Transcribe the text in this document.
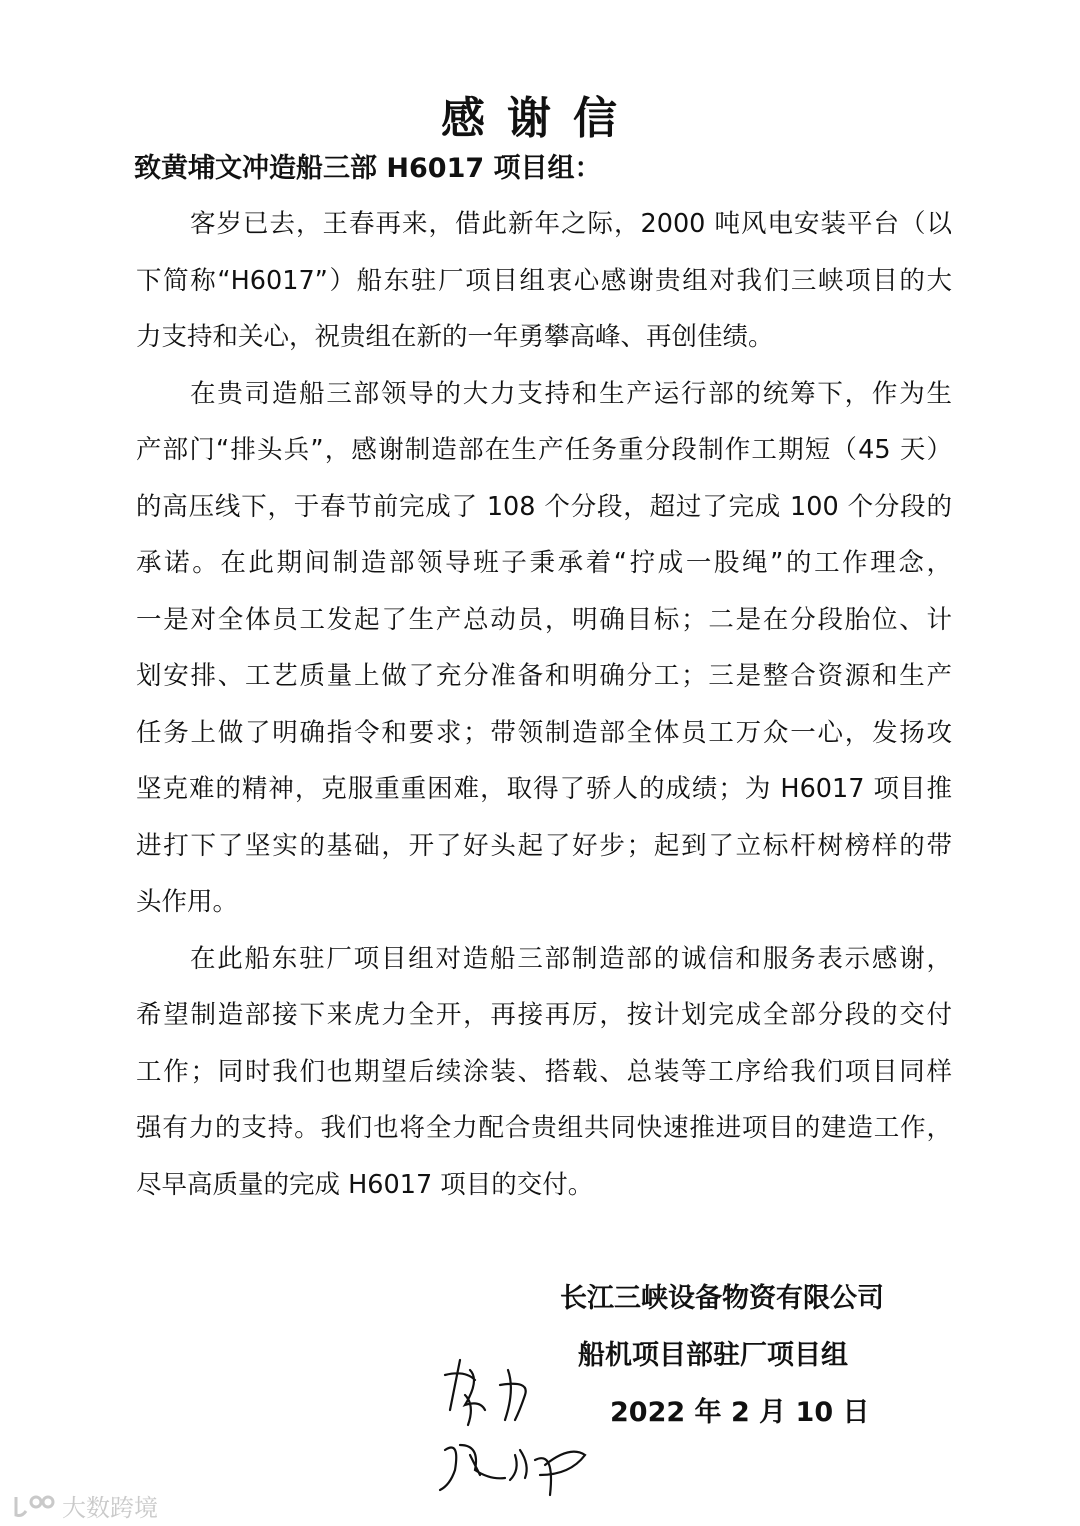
感谢信
致黄埔文冲造船三部 H6017 项目组：
客岁已去，王春再来，借此新年之际，2000 吨风电安装平台（以
下简称“H6017”）船东驻厂项目组衷心感谢贵组对我们三峡项目的大
力支持和关心，祝贵组在新的一年勇攀高峰、再创佳绩。
在贵司造船三部领导的大力支持和生产运行部的统筹下，作为生
产部门“排头兵”，感谢制造部在生产任务重分段制作工期短（45 天）
的高压线下，于春节前完成了 108 个分段，超过了完成 100 个分段的
承诺。在此期间制造部领导班子秉承着“拧成一股绳”的工作理念，
一是对全体员工发起了生产总动员，明确目标；二是在分段胎位、计
划安排、工艺质量上做了充分准备和明确分工；三是整合资源和生产
任务上做了明确指令和要求；带领制造部全体员工万众一心，发扬攻
坚克难的精神，克服重重困难，取得了骄人的成绩；为 H6017 项目推
进打下了坚实的基础，开了好头起了好步；起到了立标杆树榜样的带
头作用。
在此船东驻厂项目组对造船三部制造部的诚信和服务表示感谢，
希望制造部接下来虎力全开，再接再厉，按计划完成全部分段的交付
工作；同时我们也期望后续涂装、搭载、总装等工序给我们项目同样
强有力的支持。我们也将全力配合贵组共同快速推进项目的建造工作，
尽早高质量的完成 H6017 项目的交付。
长江三峡设备物资有限公司
船机项目部驻厂项目组
2022 年 2 月 10 日
大数跨境
